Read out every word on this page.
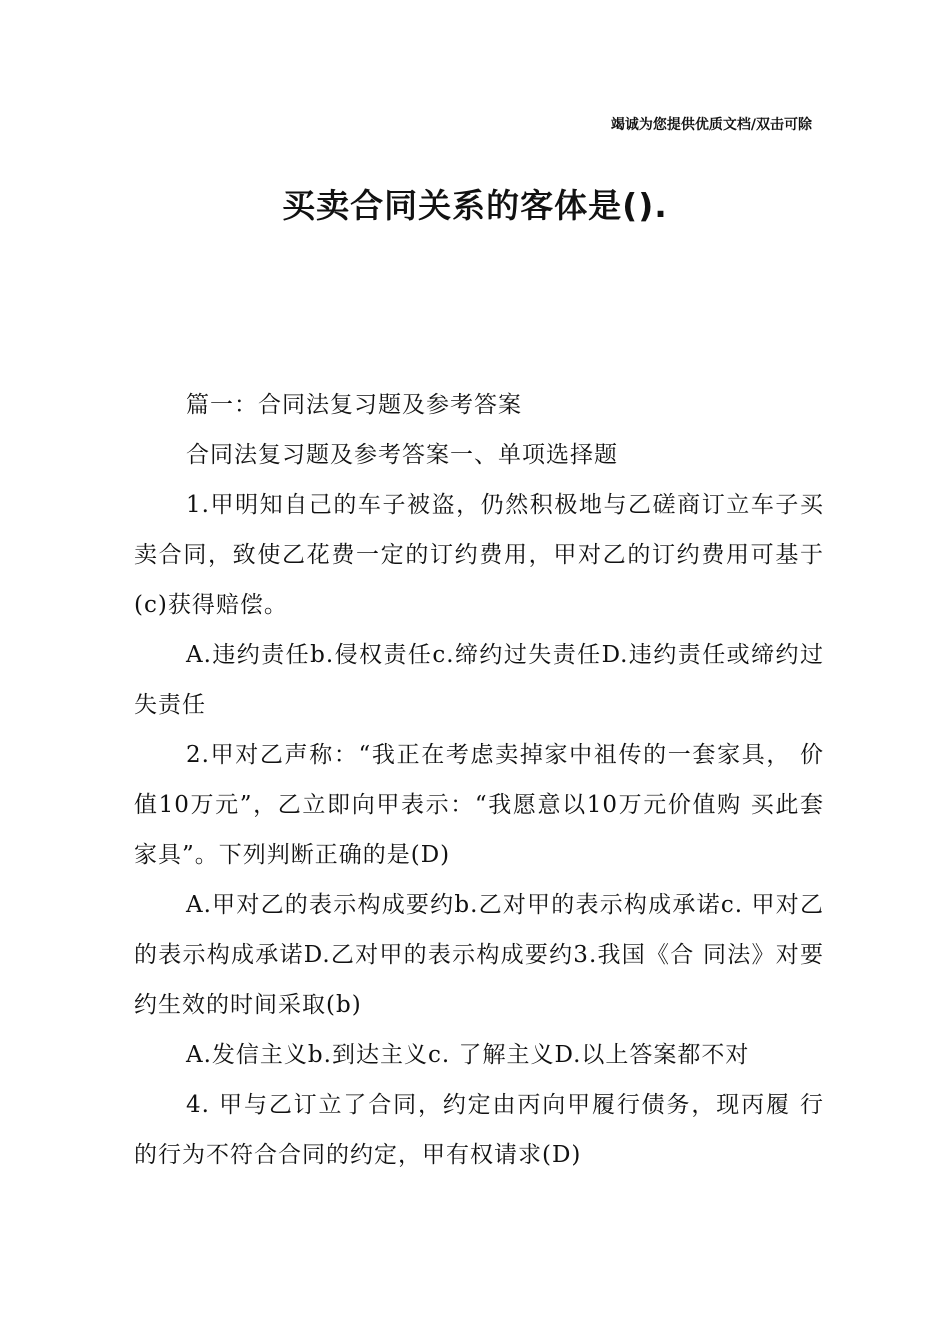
竭诚为您提供优质文档/双击可除
买卖合同关系的客体是().

篇一：合同法复习题及参考答案

合同法复习题及参考答案一、单项选择题

1.甲明知自己的车子被盗，仍然积极地与乙磋商订立车子买卖合同，致使乙花费一定的订约费用，甲对乙的订约费用可基于(c)获得赔偿。

A.违约责任b.侵权责任c.缔约过失责任D.违约责任或缔约过失责任

2.甲对乙声称：“我正在考虑卖掉家中祖传的一套家具， 价值10万元”，乙立即向甲表示：“我愿意以10万元价值购 买此套家具”。下列判断正确的是(D)

A.甲对乙的表示构成要约b.乙对甲的表示构成承诺c. 甲对乙的表示构成承诺D.乙对甲的表示构成要约3.我国《合 同法》对要约生效的时间采取(b)

A.发信主义b.到达主义c. 了解主义D.以上答案都不对

4. 甲与乙订立了合同，约定由丙向甲履行债务，现丙履 行的行为不符合合同的约定，甲有权请求(D)
